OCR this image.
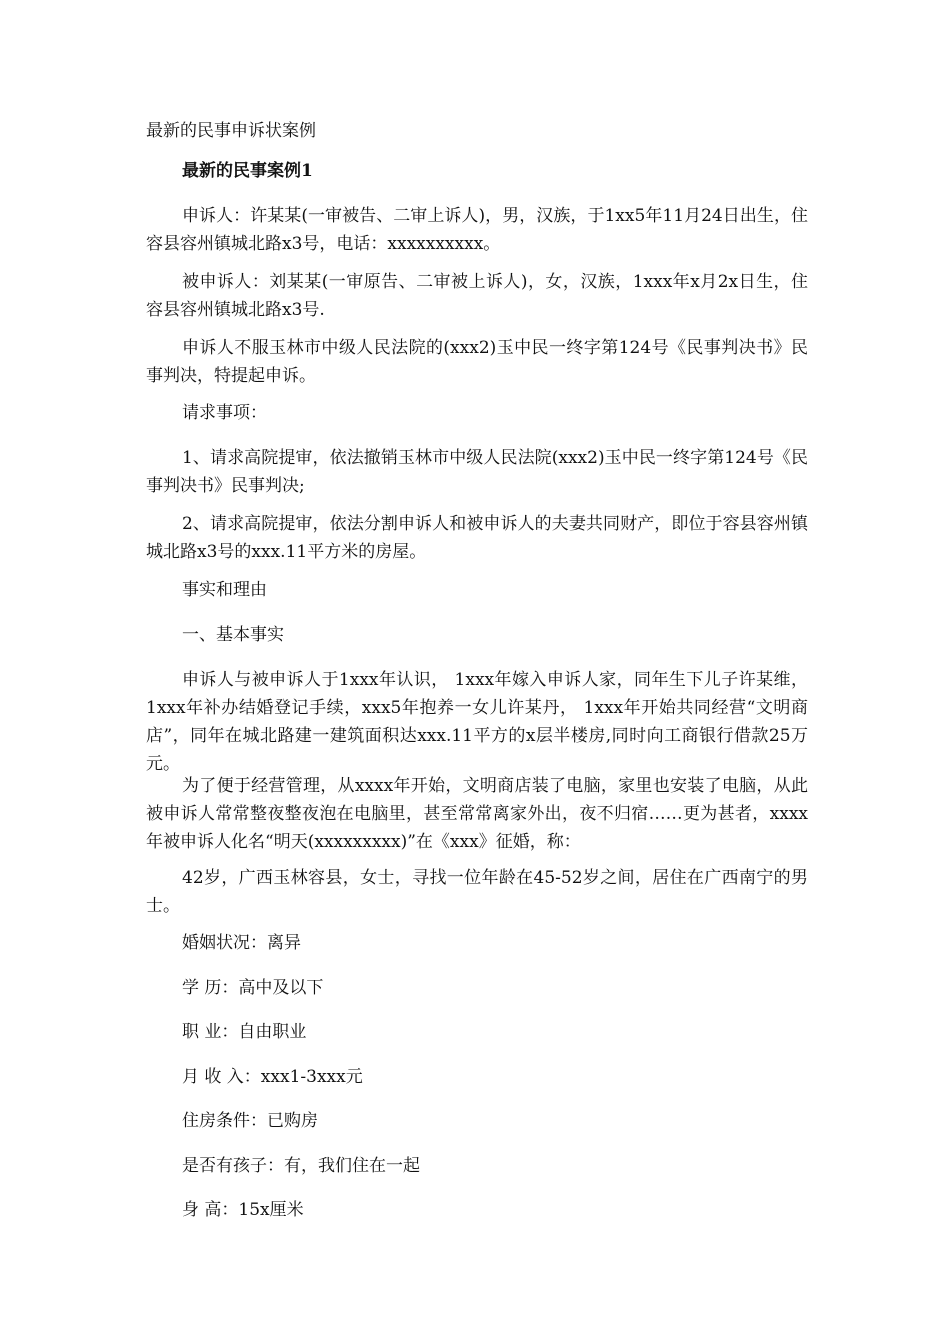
最新的民事申诉状案例

最新的民事案例1

申诉人：许某某(一审被告、二审上诉人)，男，汉族，于1xx5年11月24日出生，住容县容州镇城北路x3号，电话：xxxxxxxxxx。

被申诉人：刘某某(一审原告、二审被上诉人)，女，汉族，1xxx年x月2x日生，住容县容州镇城北路x3号.

申诉人不服玉林市中级人民法院的(xxx2)玉中民一终字第124号《民事判决书》民事判决，特提起申诉。

请求事项：

1、请求高院提审，依法撤销玉林市中级人民法院(xxx2)玉中民一终字第124号《民事判决书》民事判决;

2、请求高院提审，依法分割申诉人和被申诉人的夫妻共同财产，即位于容县容州镇城北路x3号的xxx.11平方米的房屋。

事实和理由

一、基本事实

申诉人与被申诉人于1xxx年认识， 1xxx年嫁入申诉人家，同年生下儿子许某维，1xxx年补办结婚登记手续，xxx5年抱养一女儿许某丹， 1xxx年开始共同经营“文明商店”，同年在城北路建一建筑面积达xxx.11平方的x层半楼房,同时向工商银行借款25万元。

为了便于经营管理，从xxxx年开始，文明商店装了电脑，家里也安装了电脑，从此被申诉人常常整夜整夜泡在电脑里，甚至常常离家外出，夜不归宿……更为甚者，xxxx年被申诉人化名“明天(xxxxxxxxx)”在《xxx》征婚，称：

42岁，广西玉林容县，女士，寻找一位年龄在45-52岁之间，居住在广西南宁的男士。

婚姻状况：离异

学 历：高中及以下

职 业：自由职业

月 收 入：xxx1-3xxx元

住房条件：已购房

是否有孩子：有，我们住在一起

身 高：15x厘米
